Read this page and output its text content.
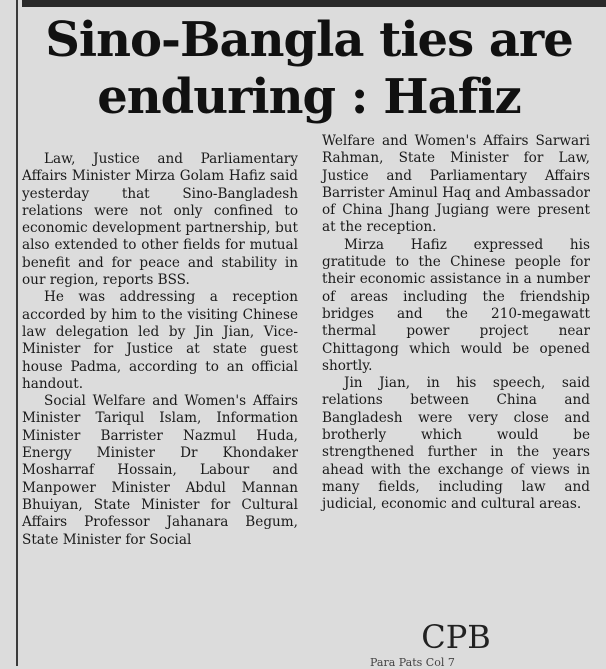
Sino-Bangla ties are enduring : Hafiz

Law, Justice and Parliamentary Affairs Minister Mirza Golam Hafiz said yesterday that Sino-Bangladesh relations were not only confined to economic development partnership, but also extended to other fields for mutual benefit and for peace and stability in our region, reports BSS.

He was addressing a reception accorded by him to the visiting Chinese law delegation led by Jin Jian, Vice-Minister for Justice at state guest house Padma, according to an official handout.

Social Welfare and Women's Affairs Minister Tariqul Islam, Information Minister Barrister Nazmul Huda, Energy Minister Dr Khondaker Mosharraf Hossain, Labour and Manpower Minister Abdul Mannan Bhuiyan, State Minister for Cultural Affairs Professor Jahanara Begum, State Minister for Social

Welfare and Women's Affairs Sarwari Rahman, State Minister for Law, Justice and Parliamentary Affairs Barrister Aminul Haq and Ambassador of China Jhang Jugiang were present at the reception.

Mirza Hafiz expressed his gratitude to the Chinese people for their economic assistance in a number of areas including the friendship bridges and the 210-megawatt thermal power project near Chittagong which would be opened shortly.

Jin Jian, in his speech, said relations between China and Bangladesh were very close and brotherly which would be strengthened further in the years ahead with the exchange of views in many fields, including law and judicial, economic and cultural areas.

CPB
Para Pats Col 7
